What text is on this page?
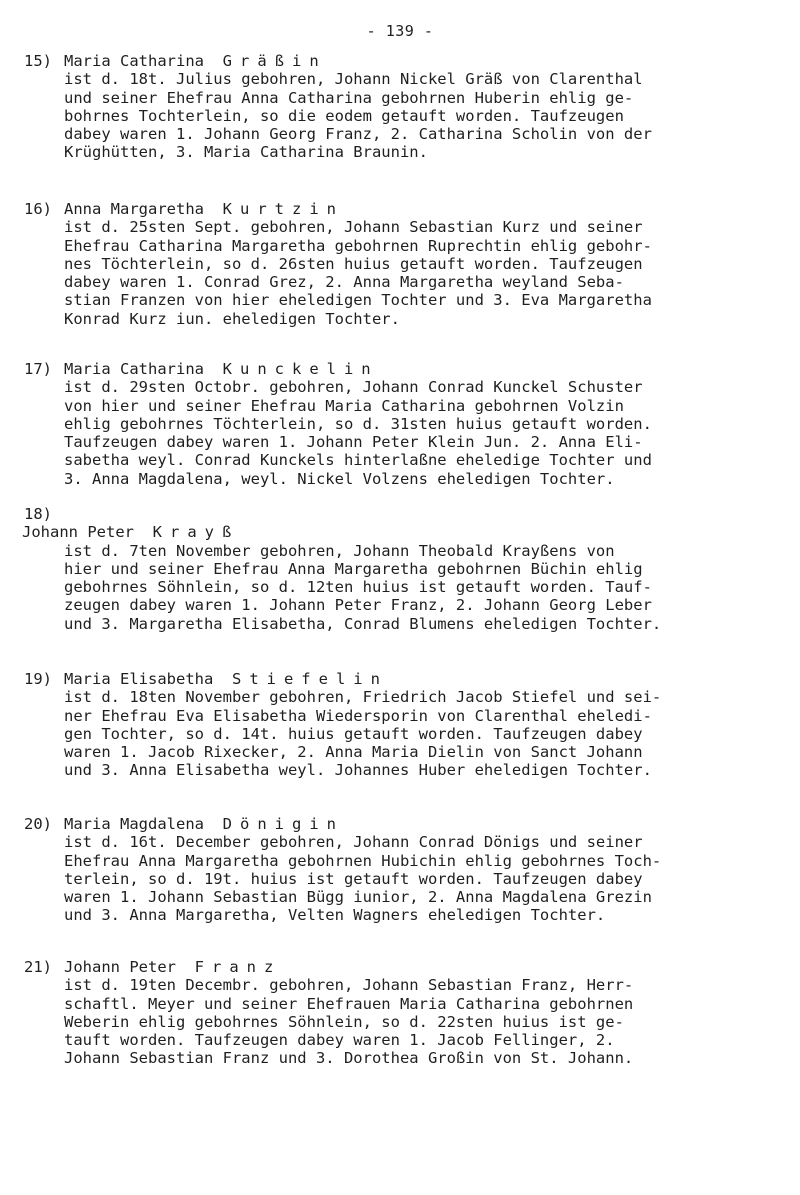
- 139 -
15) Maria Catharina Gräßin
ist d. 18t. Julius gebohren, Johann Nickel Gräß von Clarenthal
und seiner Ehefrau Anna Catharina gebohrnen Huberin ehlig ge-
bohrnes Tochterlein, so die eodem getauft worden. Taufzeugen
dabey waren 1. Johann Georg Franz, 2. Catharina Scholin von der
Krüghütten, 3. Maria Catharina Braunin.
16) Anna Margaretha Kurtzin
ist d. 25sten Sept. gebohren, Johann Sebastian Kurz und seiner
Ehefrau Catharina Margaretha gebohrnen Ruprechtin ehlig gebohr-
nes Töchterlein, so d. 26sten huius getauft worden. Taufzeugen
dabey waren 1. Conrad Grez, 2. Anna Margaretha weyland Seba-
stian Franzen von hier eheledigen Tochter und 3. Eva Margaretha
Konrad Kurz iun. eheledigen Tochter.
17) Maria Catharina Kunckelin
ist d. 29sten Octobr. gebohren, Johann Conrad Kunckel Schuster
von hier und seiner Ehefrau Maria Catharina gebohrnen Volzin
ehlig gebohrnes Töchterlein, so d. 31sten huius getauft worden.
Taufzeugen dabey waren 1. Johann Peter Klein Jun. 2. Anna Eli-
sabetha weyl. Conrad Kunckels hinterlaßne eheledige Tochter und
3. Anna Magdalena, weyl. Nickel Volzens eheledigen Tochter.
18)
Johann Peter Krayß
ist d. 7ten November gebohren, Johann Theobald Krayßens von
hier und seiner Ehefrau Anna Margaretha gebohrnen Büchin ehlig
gebohrnes Söhnlein, so d. 12ten huius ist getauft worden. Tauf-
zeugen dabey waren 1. Johann Peter Franz, 2. Johann Georg Leber
und 3. Margaretha Elisabetha, Conrad Blumens eheledigen Tochter.
19) Maria Elisabetha Stiefelin
ist d. 18ten November gebohren, Friedrich Jacob Stiefel und sei-
ner Ehefrau Eva Elisabetha Wiedersporin von Clarenthal eheledi-
gen Tochter, so d. 14t. huius getauft worden. Taufzeugen dabey
waren 1. Jacob Rixecker, 2. Anna Maria Dielin von Sanct Johann
und 3. Anna Elisabetha weyl. Johannes Huber eheledigen Tochter.
20) Maria Magdalena Dönigin
ist d. 16t. December gebohren, Johann Conrad Dönigs und seiner
Ehefrau Anna Margaretha gebohrnen Hubichin ehlig gebohrnes Toch-
terlein, so d. 19t. huius ist getauft worden. Taufzeugen dabey
waren 1. Johann Sebastian Bügg iunior, 2. Anna Magdalena Grezin
und 3. Anna Margaretha, Velten Wagners eheledigen Tochter.
21) Johann Peter Franz
ist d. 19ten Decembr. gebohren, Johann Sebastian Franz, Herr-
schaftl. Meyer und seiner Ehefrauen Maria Catharina gebohrnen
Weberin ehlig gebohrnes Söhnlein, so d. 22sten huius ist ge-
tauft worden. Taufzeugen dabey waren 1. Jacob Fellinger, 2.
Johann Sebastian Franz und 3. Dorothea Großin von St. Johann.
